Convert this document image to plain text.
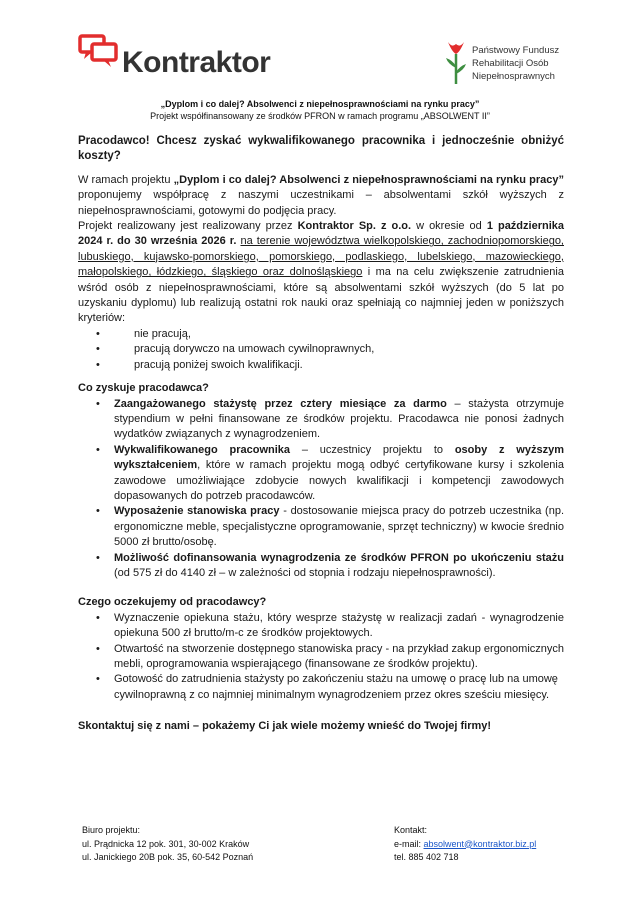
Kontraktor	Państwowy Fundusz
Rehabilitacji Osób
Niepełnosprawnych
„Dyplom i co dalej? Absolwenci z niepełnosprawnościami na rynku pracy”
Projekt współfinansowany ze środków PFRON w ramach programu „ABSOLWENT II”

Pracodawco! Chcesz zyskać wykwalifikowanego pracownika i jednocześnie obniżyć koszty?

W ramach projektu „Dyplom i co dalej? Absolwenci z niepełnosprawnościami na rynku pracy” proponujemy współpracę z naszymi uczestnikami – absolwentami szkół wyższych z niepełnosprawnościami, gotowymi do podjęcia pracy.

Projekt realizowany jest realizowany przez Kontraktor Sp. z o.o. w okresie od 1 października 2024 r. do 30 września 2026 r. na terenie województwa wielkopolskiego, zachodniopomorskiego, lubuskiego, kujawsko-pomorskiego, pomorskiego, podlaskiego, lubelskiego, mazowieckiego, małopolskiego, łódzkiego, śląskiego oraz dolnośląskiego i ma na celu zwiększenie zatrudnienia wśród osób z niepełnosprawnościami, które są absolwentami szkół wyższych (do 5 lat po uzyskaniu dyplomu) lub realizują ostatni rok nauki oraz spełniają co najmniej jeden w poniższych kryteriów:

• nie pracują,
• pracują dorywczo na umowach cywilnoprawnych,
• pracują poniżej swoich kwalifikacji.

Co zyskuje pracodawca?

• Zaangażowanego stażystę przez cztery miesiące za darmo – stażysta otrzymuje stypendium w pełni finansowane ze środków projektu. Pracodawca nie ponosi żadnych wydatków związanych z wynagrodzeniem.
• Wykwalifikowanego pracownika – uczestnicy projektu to osoby z wyższym wykształceniem, które w ramach projektu mogą odbyć certyfikowane kursy i szkolenia zawodowe umożliwiające zdobycie nowych kwalifikacji i kompetencji zawodowych dopasowanych do potrzeb pracodawców.
• Wyposażenie stanowiska pracy - dostosowanie miejsca pracy do potrzeb uczestnika (np. ergonomiczne meble, specjalistyczne oprogramowanie, sprzęt techniczny) w kwocie średnio 5000 zł brutto/osobę.
• Możliwość dofinansowania wynagrodzenia ze środków PFRON po ukończeniu stażu (od 575 zł do 4140 zł – w zależności od stopnia i rodzaju niepełnosprawności).

Czego oczekujemy od pracodawcy?

• Wyznaczenie opiekuna stażu, który wesprze stażystę w realizacji zadań - wynagrodzenie opiekuna 500 zł brutto/m-c ze środków projektowych.
• Otwartość na stworzenie dostępnego stanowiska pracy - na przykład zakup ergonomicznych mebli, oprogramowania wspierającego (finansowane ze środków projektu).
• Gotowość do zatrudnienia stażysty po zakończeniu stażu na umowę o pracę lub na umowę cywilnoprawną z co najmniej minimalnym wynagrodzeniem przez okres sześciu miesięcy.

Skontaktuj się z nami – pokażemy Ci jak wiele możemy wnieść do Twojej firmy!

Biuro projektu:
ul. Prądnicka 12 pok. 301, 30-002 Kraków
ul. Janickiego 20B pok. 35, 60-542 Poznań
Kontakt:
e-mail: absolwent@kontraktor.biz.pl
tel. 885 402 718
